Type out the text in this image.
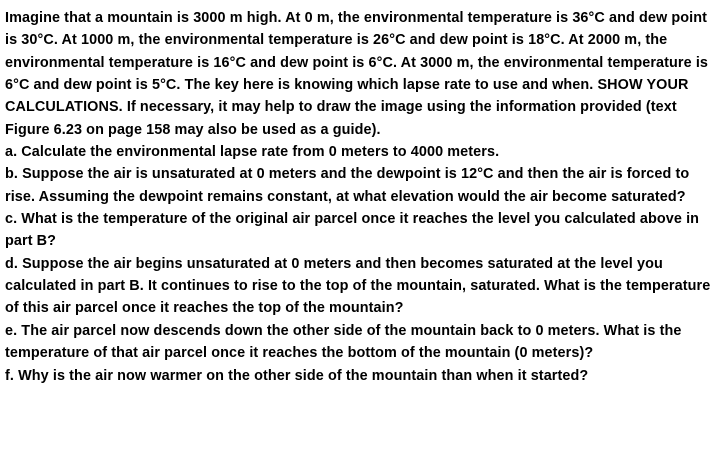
Imagine that a mountain is 3000 m high. At 0 m, the environmental temperature is 36°C and dew point is 30°C. At 1000 m, the environmental temperature is 26°C and dew point is 18°C. At 2000 m, the environmental temperature is 16°C and dew point is 6°C. At 3000 m, the environmental temperature is 6°C and dew point is 5°C. The key here is knowing which lapse rate to use and when. SHOW YOUR CALCULATIONS. If necessary, it may help to draw the image using the information provided (text Figure 6.23 on page 158 may also be used as a guide).

a. Calculate the environmental lapse rate from 0 meters to 4000 meters.

b. Suppose the air is unsaturated at 0 meters and the dewpoint is 12°C and then the air is forced to rise. Assuming the dewpoint remains constant, at what elevation would the air become saturated?

c. What is the temperature of the original air parcel once it reaches the level you calculated above in part B?

d. Suppose the air begins unsaturated at 0 meters and then becomes saturated at the level you calculated in part B. It continues to rise to the top of the mountain, saturated. What is the temperature of this air parcel once it reaches the top of the mountain?

e. The air parcel now descends down the other side of the mountain back to 0 meters. What is the temperature of that air parcel once it reaches the bottom of the mountain (0 meters)?

f. Why is the air now warmer on the other side of the mountain than when it started?
